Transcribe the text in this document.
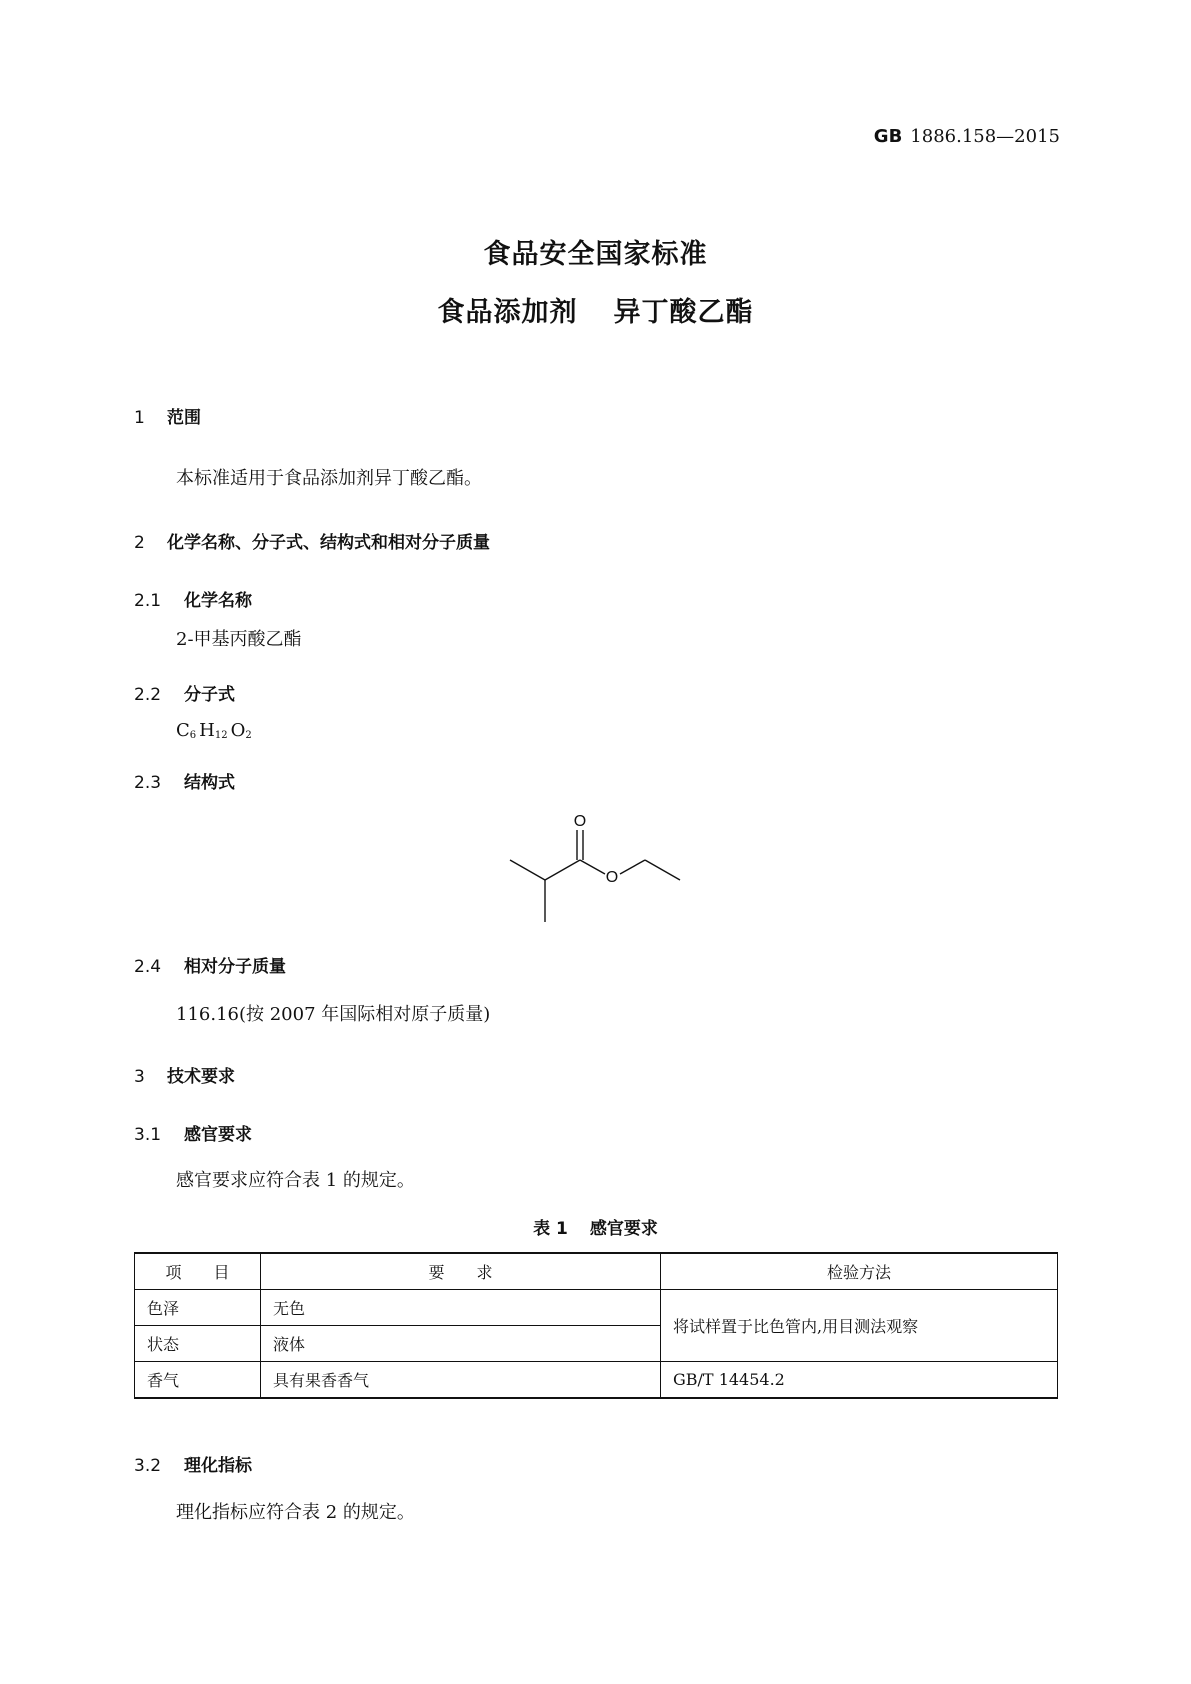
GB 1886.158—2015
食品安全国家标准
食品添加剂 异丁酸乙酯
1 范围
本标准适用于食品添加剂异丁酸乙酯。
2 化学名称、分子式、结构式和相对分子质量
2.1 化学名称
2-甲基丙酸乙酯
2.2 分子式
$C_6$ $H_{12}$ $O_2$
2.3 结构式
O
O
2.4 相对分子质量
116.16(按 2007 年国际相对原子质量)
3 技术要求
3.1 感官要求
感官要求应符合表 1 的规定。
表 1 感官要求
项　　目	要　　求	检验方法
色泽	无色	将试样置于比色管内,用目测法观察
状态	液体	
香气	具有果香香气	GB/T 14454.2
3.2 理化指标
理化指标应符合表 2 的规定。
